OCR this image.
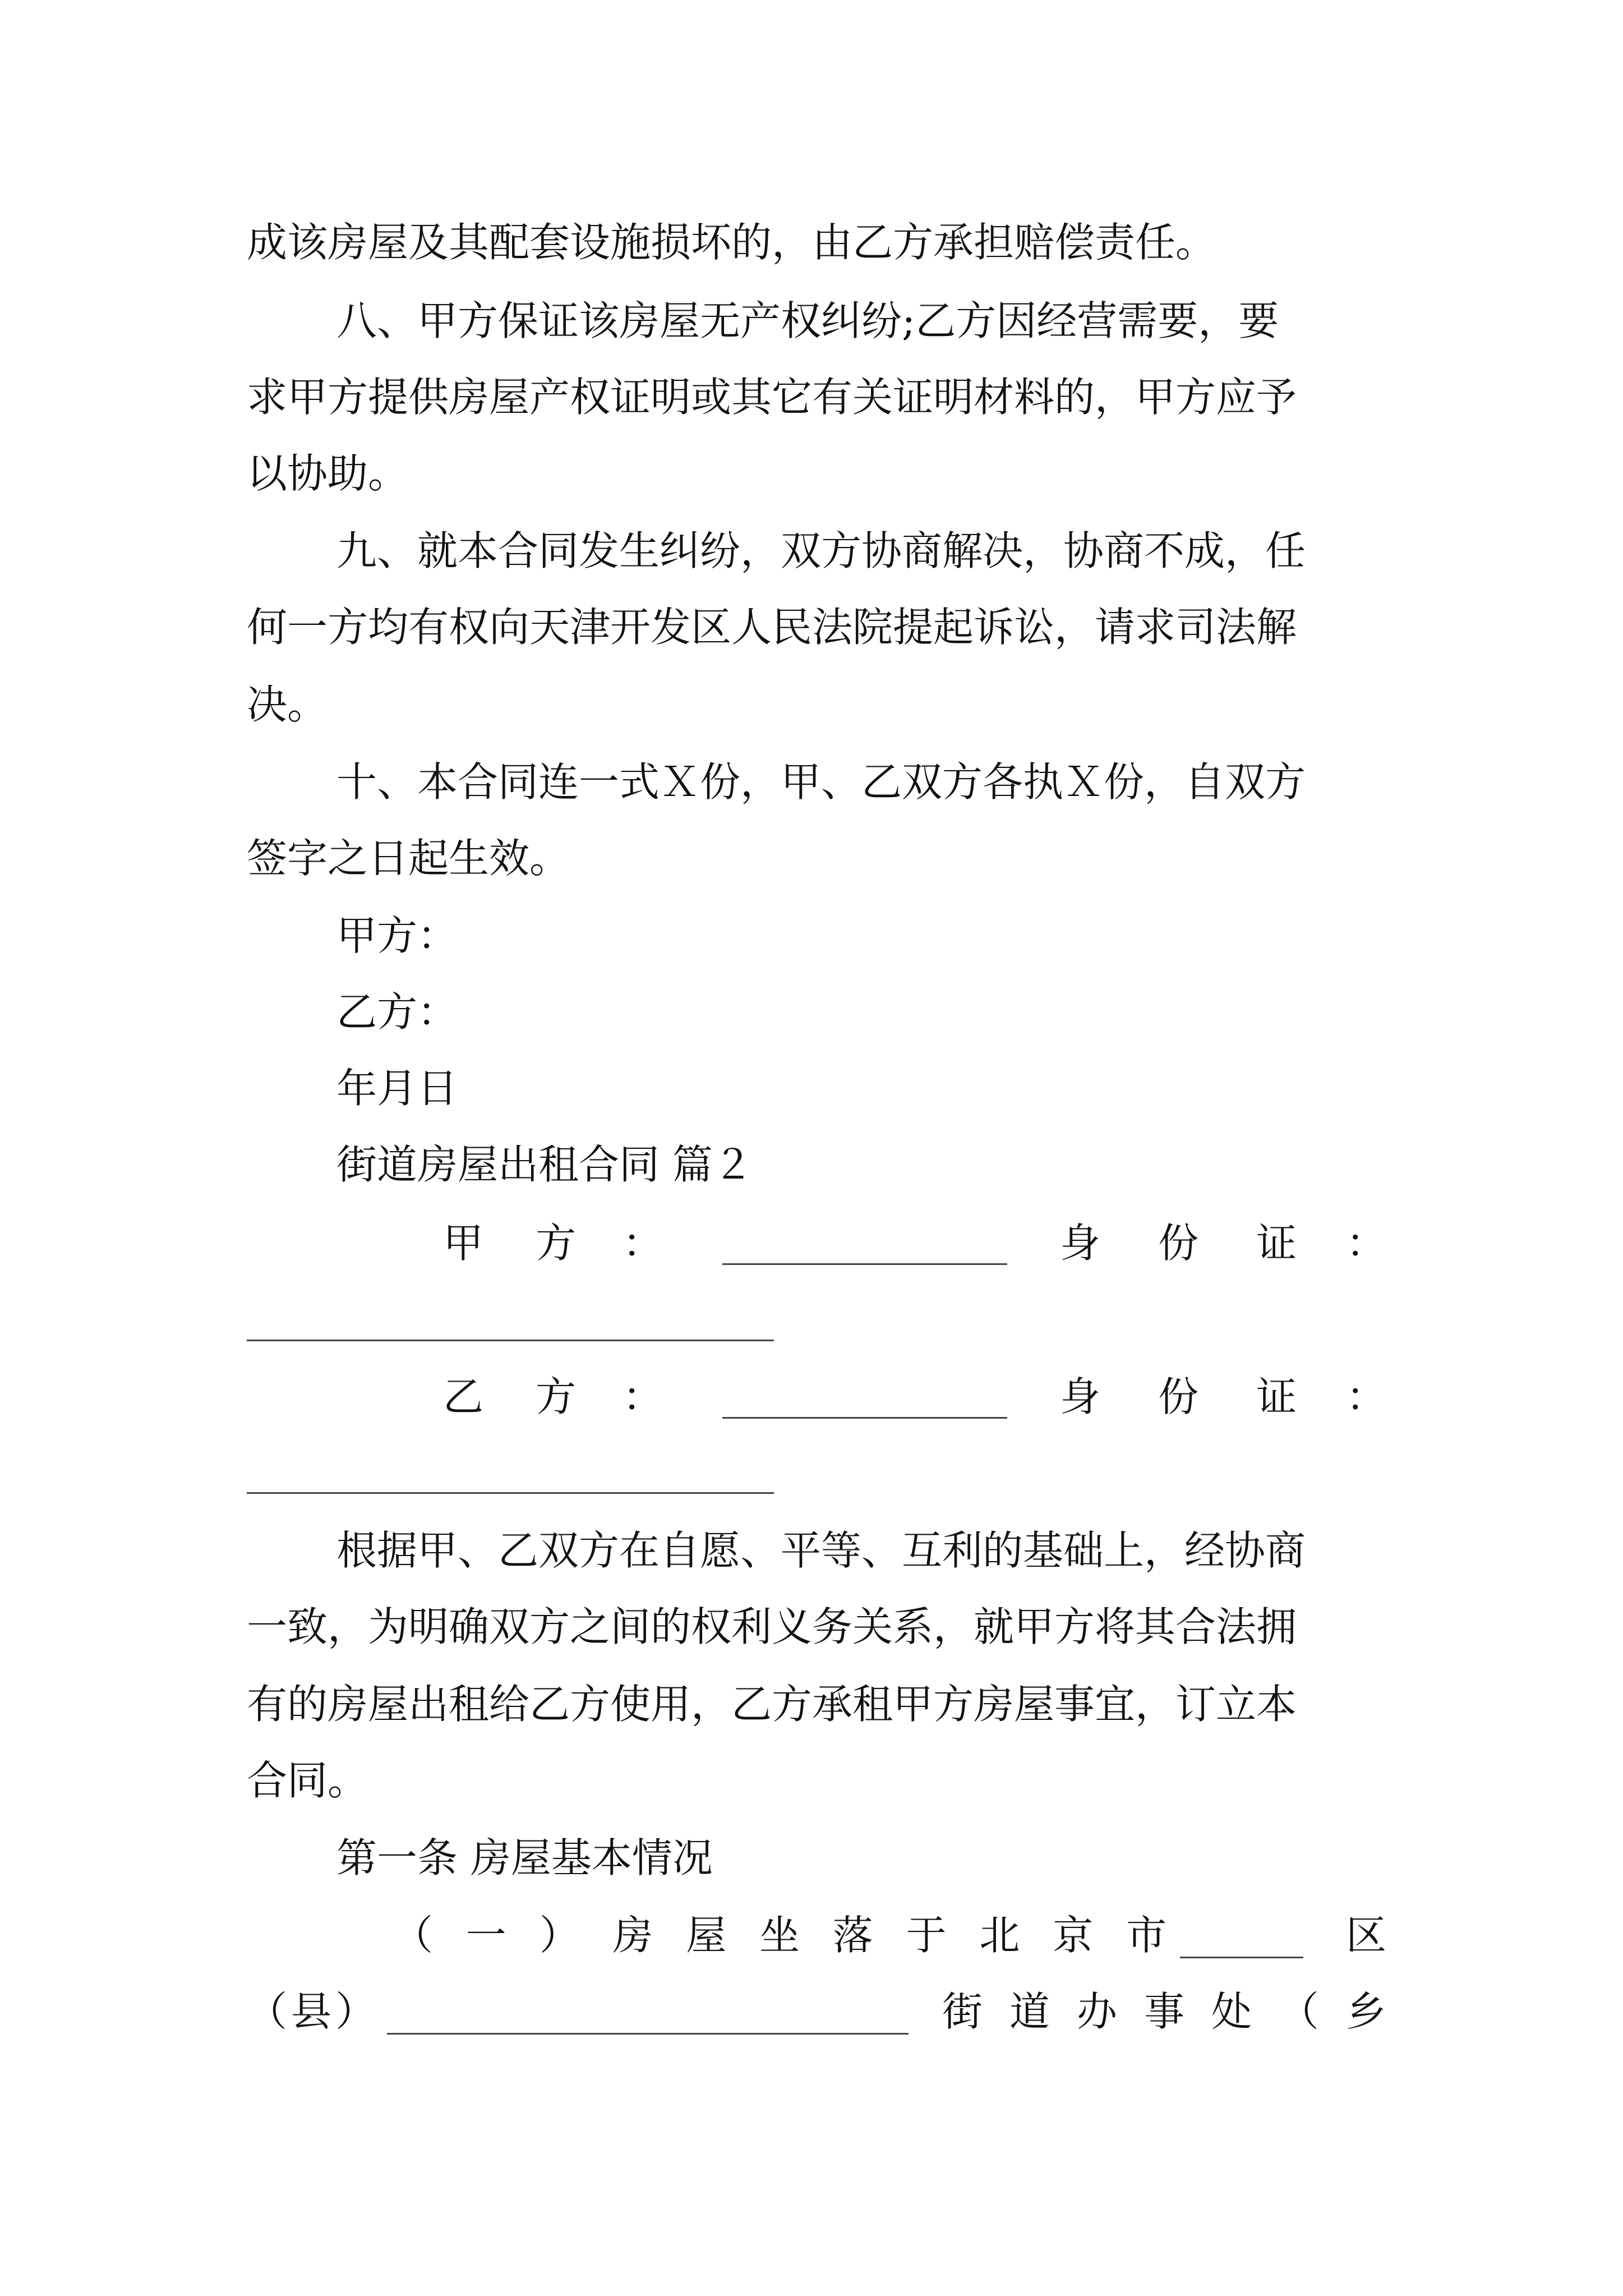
成该房屋及其配套设施损坏的，由乙方承担赔偿责任。
八、甲方保证该房屋无产权纠纷;乙方因经营需要，要
求甲方提供房屋产权证明或其它有关证明材料的，甲方应予
以协助。
九、就本合同发生纠纷，双方协商解决，协商不成，任
何一方均有权向天津开发区人民法院提起诉讼，请求司法解
决。
十、本合同连一式Ｘ份，甲、乙双方各执Ｘ份，自双方
签字之日起生效。
甲方：
乙方：
年月日
街道房屋出租合同 篇２
甲 方 ：	身 份 证 ：
乙 方 ：	身 份 证 ：
根据甲、乙双方在自愿、平等、互利的基础上，经协商
一致，为明确双方之间的权利义务关系，就甲方将其合法拥
有的房屋出租给乙方使用，乙方承租甲方房屋事宜，订立本
合同。
第一条 房屋基本情况
（ 一 ） 房 屋 坐 落 于 北 京 市	区
（ 县 ）	街 道 办 事 处 （ 乡
